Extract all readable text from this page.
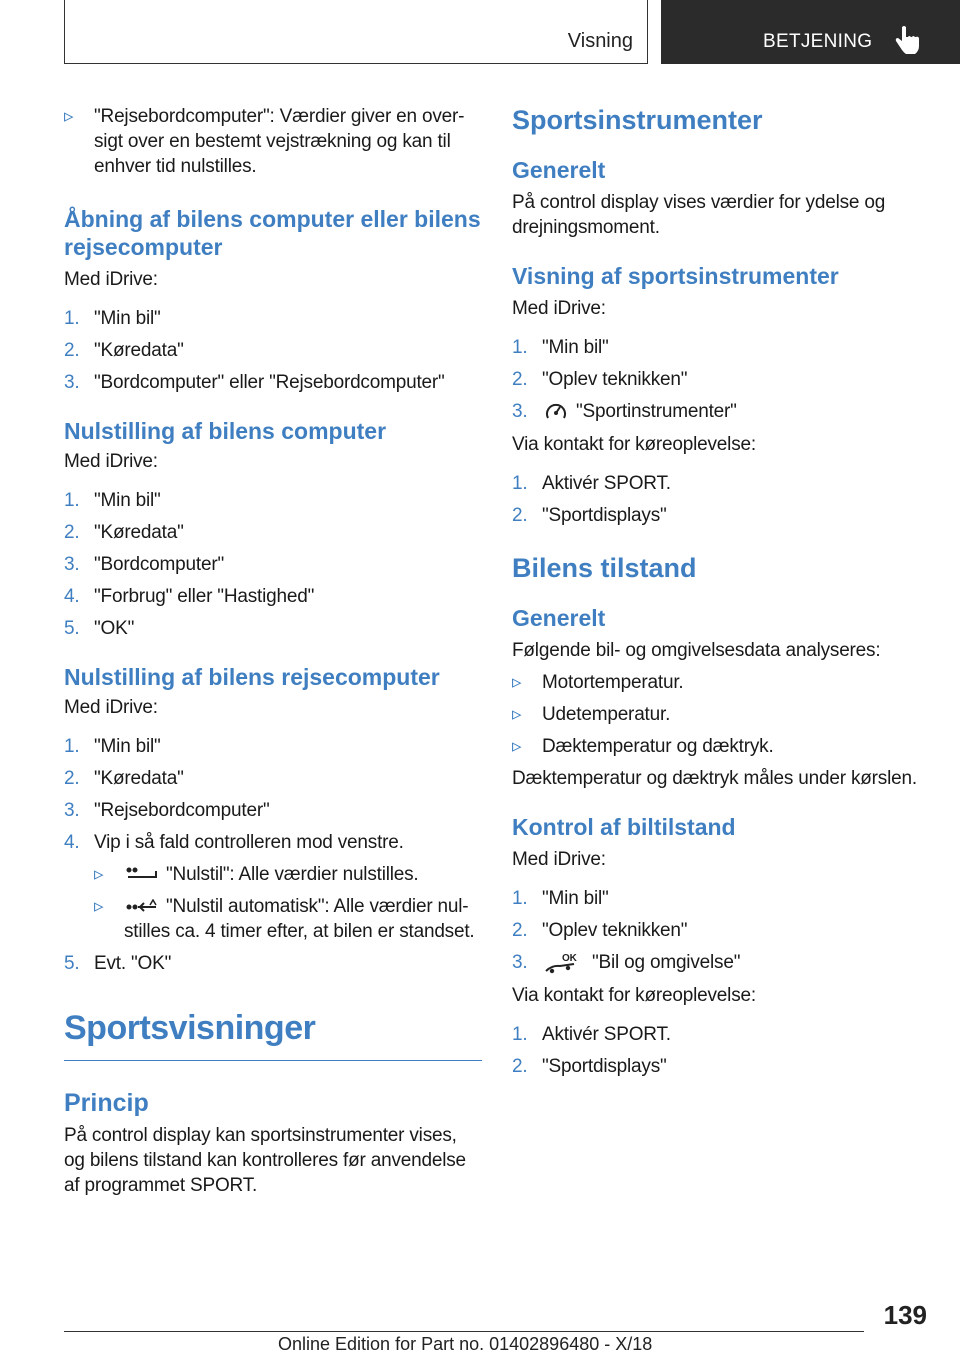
Visning	BETJENING
▹ "Rejsebordcomputer": Værdier giver en oversigt over en bestemt vejstrækning og kan til enhver tid nulstilles.
Åbning af bilens computer eller bilens rejsecomputer

Med iDrive:

1. "Min bil"
2. "Køredata"
3. "Bordcomputer" eller "Rejsebordcomputer"
Nulstilling af bilens computer

Med iDrive:

1. "Min bil"
2. "Køredata"
3. "Bordcomputer"
4. "Forbrug" eller "Hastighed"
5. "OK"
Nulstilling af bilens rejsecomputer

Med iDrive:

1. "Min bil"
2. "Køredata"
3. "Rejsebordcomputer"
4. Vip i så fald controlleren mod venstre.
▹	"Nulstil": Alle værdier nulstilles.
▹	"Nulstil automatisk": Alle værdier nulstilles ca. 4 timer efter, at bilen er standset.
5. Evt. "OK"
Sportsvisninger
Princip

På control display kan sportsinstrumenter vises, og bilens tilstand kan kontrolleres før anvendelse af programmet SPORT.

Sportsinstrumenter
Generelt

På control display vises værdier for ydelse og drejningsmoment.

Visning af sportsinstrumenter

Med iDrive:

1. "Min bil"
2. "Oplev teknikken"
3.	"Sportinstrumenter"

Via kontakt for køreoplevelse:

1. Aktivér SPORT.
2. "Sportdisplays"
Bilens tilstand
Generelt

Følgende bil- og omgivelsesdata analyseres:

▹ Motortemperatur.
▹ Udetemperatur.
▹ Dæktemperatur og dæktryk.

Dæktemperatur og dæktryk måles under kørslen.

Kontrol af biltilstand

Med iDrive:

1. "Min bil"
2. "Oplev teknikken"
3.	OK "Bil og omgivelse"

Via kontakt for køreoplevelse:

1. Aktivér SPORT.
2. "Sportdisplays"
139
Online Edition for Part no. 01402896480 - X/18
